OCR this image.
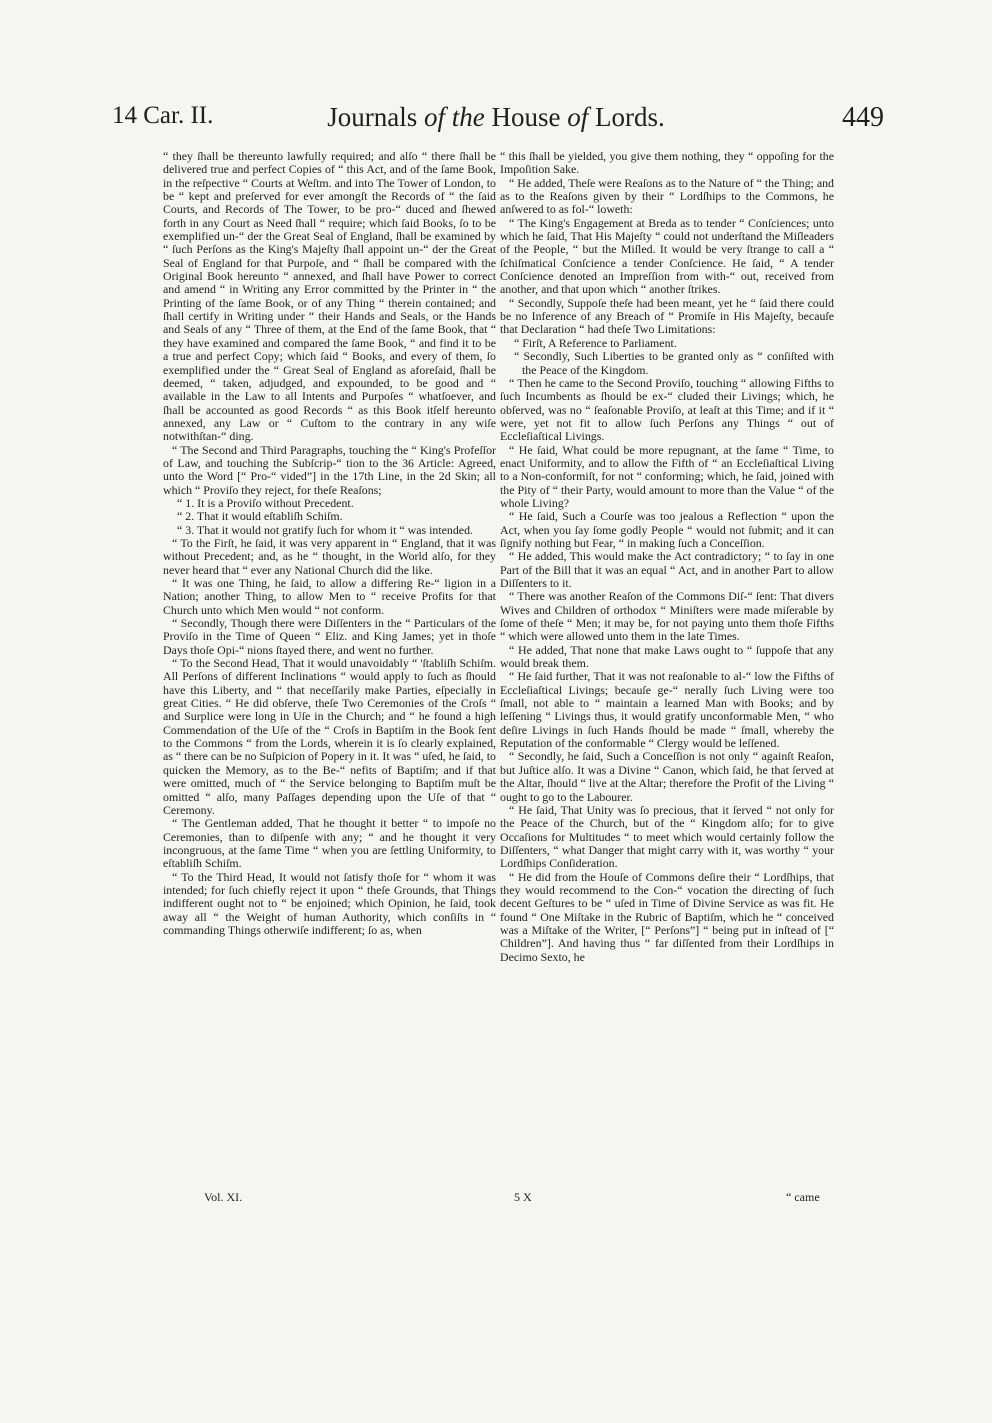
14 Car. II.	Journals of the House of Lords.	449

“ they ſhall be thereunto lawfully required; and alſo “ there ſhall be delivered true and perfect Copies of “ this Act, and of the ſame Book, in the reſpective “ Courts at Weſtm. and into The Tower of London, to be “ kept and preſerved for ever amongſt the Records of “ the ſaid Courts, and Records of The Tower, to be pro-“ duced and ſhewed forth in any Court as Need ſhall “ require; which ſaid Books, ſo to be exemplified un-“ der the Great Seal of England, ſhall be examined by “ ſuch Perſons as the King's Majeſty ſhall appoint un-“ der the Great Seal of England for that Purpoſe, and “ ſhall be compared with the Original Book hereunto “ annexed, and ſhall have Power to correct and amend “ in Writing any Error committed by the Printer in “ the Printing of the ſame Book, or of any Thing “ therein contained; and ſhall certify in Writing under “ their Hands and Seals, or the Hands and Seals of any “ Three of them, at the End of the ſame Book, that “ they have examined and compared the ſame Book, “ and find it to be a true and perfect Copy; which ſaid “ Books, and every of them, ſo exemplified under the “ Great Seal of England as aforeſaid, ſhall be deemed, “ taken, adjudged, and expounded, to be good and “ available in the Law to all Intents and Purpoſes “ whatſoever, and ſhall be accounted as good Records “ as this Book itſelf hereunto annexed, any Law or “ Cuſtom to the contrary in any wiſe notwithſtan-“ ding.

“ The Second and Third Paragraphs, touching the “ King's Profeſſor of Law, and touching the Subſcrip-“ tion to the 36 Article: Agreed, unto the Word [“ Pro-“ vided”] in the 17th Line, in the 2d Skin; all which “ Proviſo they reject, for theſe Reaſons;

“ 1. It is a Proviſo without Precedent.

“ 2. That it would eſtabliſh Schiſm.

“ 3. That it would not gratify ſuch for whom it “ was intended.

“ To the Firſt, he ſaid, it was very apparent in “ England, that it was without Precedent; and, as he “ thought, in the World alſo, for they never heard that “ ever any National Church did the like.

“ It was one Thing, he ſaid, to allow a differing Re-“ ligion in a Nation; another Thing, to allow Men to “ receive Profits for that Church unto which Men would “ not conform.

“ Secondly, Though there were Diſſenters in the “ Particulars of the Proviſo in the Time of Queen “ Eliz. and King James; yet in thoſe Days thoſe Opi-“ nions ſtayed there, and went no further.

“ To the Second Head, That it would unavoidably “ 'ſtabliſh Schiſm. All Perſons of different Inclinations “ would apply to ſuch as ſhould have this Liberty, and “ that neceſſarily make Parties, eſpecially in great Cities. “ He did obſerve, theſe Two Ceremonies of the Croſs “ and Surplice were long in Uſe in the Church; and “ he found a high Commendation of the Uſe of the “ Croſs in Baptiſm in the Book ſent to the Commons “ from the Lords, wherein it is ſo clearly explained, as “ there can be no Suſpicion of Popery in it. It was “ uſed, he ſaid, to quicken the Memory, as to the Be-“ nefits of Baptiſm; and if that were omitted, much of “ the Service belonging to Baptiſm muſt be omitted “ alſo, many Paſſages depending upon the Uſe of that “ Ceremony.

“ The Gentleman added, That he thought it better “ to impoſe no Ceremonies, than to diſpenſe with any; “ and he thought it very incongruous, at the ſame Time “ when you are ſettling Uniformity, to eſtabliſh Schiſm.

“ To the Third Head, It would not ſatisfy thoſe for “ whom it was intended; for ſuch chiefly reject it upon “ theſe Grounds, that Things indifferent ought not to “ be enjoined; which Opinion, he ſaid, took away all “ the Weight of human Authority, which conſiſts in “ commanding Things otherwiſe indifferent; ſo as, when

“ this ſhall be yielded, you give them nothing, they “ oppoſing for the Impoſition Sake.

“ He added, Theſe were Reaſons as to the Nature of “ the Thing; and as to the Reaſons given by their “ Lordſhips to the Commons, he anſwered to as fol-“ loweth:

“ The King's Engagement at Breda as to tender “ Conſciences; unto which he ſaid, That His Majeſty “ could not underſtand the Miſleaders of the People, “ but the Miſled. It would be very ſtrange to call a “ ſchiſmatical Conſcience a tender Conſcience. He ſaid, “ A tender Conſcience denoted an Impreſſion from with-“ out, received from another, and that upon which “ another ſtrikes.

“ Secondly, Suppoſe theſe had been meant, yet he “ ſaid there could be no Inference of any Breach of “ Promiſe in His Majeſty, becauſe that Declaration “ had theſe Two Limitations:

“ Firſt, A Reference to Parliament.

“ Secondly, Such Liberties to be granted only as “ conſiſted with the Peace of the Kingdom.

“ Then he came to the Second Proviſo, touching “ allowing Fifths to ſuch Incumbents as ſhould be ex-“ cluded their Livings; which, he obſerved, was no “ ſeaſonable Proviſo, at leaſt at this Time; and if it “ were, yet not fit to allow ſuch Perſons any Things “ out of Eccleſiaſtical Livings.

“ He ſaid, What could be more repugnant, at the ſame “ Time, to enact Uniformity, and to allow the Fifth of “ an Eccleſiaſtical Living to a Non-conformiſt, for not “ conforming; which, he ſaid, joined with the Pity of “ their Party, would amount to more than the Value “ of the whole Living?

“ He ſaid, Such a Courſe was too jealous a Reflection “ upon the Act, when you ſay ſome godly People “ would not ſubmit; and it can ſignify nothing but Fear, “ in making ſuch a Conceſſion.

“ He added, This would make the Act contradictory; “ to ſay in one Part of the Bill that it was an equal “ Act, and in another Part to allow Diſſenters to it.

“ There was another Reaſon of the Commons Diſ-“ ſent: That divers Wives and Children of orthodox “ Miniſters were made miſerable by ſome of theſe “ Men; it may be, for not paying unto them thoſe Fifths “ which were allowed unto them in the late Times.

“ He added, That none that make Laws ought to “ ſuppoſe that any would break them.

“ He ſaid further, That it was not reaſonable to al-“ low the Fifths of Eccleſiaſtical Livings; becauſe ge-“ nerally ſuch Living were too ſmall, not able to “ maintain a learned Man with Books; and by leſſening “ Livings thus, it would gratify unconformable Men, “ who deſire Livings in ſuch Hands ſhould be made “ ſmall, whereby the Reputation of the conformable “ Clergy would be leſſened.

“ Secondly, he ſaid, Such a Conceſſion is not only “ againſt Reaſon, but Juſtice alſo. It was a Divine “ Canon, which ſaid, he that ſerved at the Altar, ſhould “ live at the Altar; therefore the Profit of the Living “ ought to go to the Labourer.

“ He ſaid, That Unity was ſo precious, that it ſerved “ not only for the Peace of the Church, but of the “ Kingdom alſo; for to give Occaſions for Multitudes “ to meet which would certainly follow the Diſſenters, “ what Danger that might carry with it, was worthy “ your Lordſhips Conſideration.

“ He did from the Houſe of Commons deſire their “ Lordſhips, that they would recommend to the Con-“ vocation the directing of ſuch decent Geſtures to be “ uſed in Time of Divine Service as was fit. He found “ One Miſtake in the Rubric of Baptiſm, which he “ conceived was a Miſtake of the Writer, [“ Perſons”] “ being put in inſtead of [“ Children”]. And having thus “ far diſſented from their Lordſhips in Decimo Sexto, he

Vol. XI.	5 X	“ came
